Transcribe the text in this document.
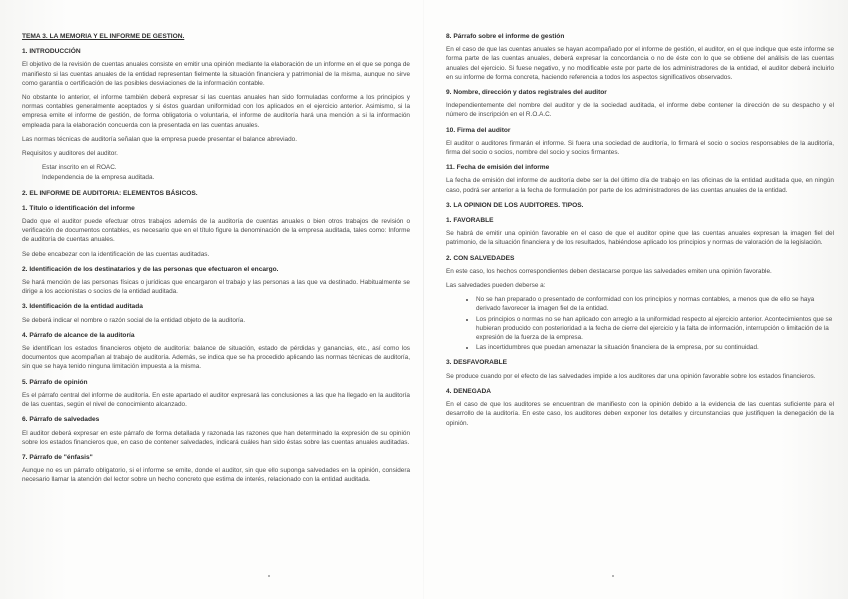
TEMA 3. LA MEMORIA Y EL INFORME DE GESTION.
1. INTRODUCCIÓN

El objetivo de la revisión de cuentas anuales consiste en emitir una opinión mediante la elaboración de un informe en el que se ponga de manifiesto si las cuentas anuales de la entidad representan fielmente la situación financiera y patrimonial de la misma, aunque no sirve como garantía o certificación de las posibles desviaciones de la información contable.

No obstante lo anterior, el informe también deberá expresar si las cuentas anuales han sido formuladas conforme a los principios y normas contables generalmente aceptados y si éstos guardan uniformidad con los aplicados en el ejercicio anterior. Asimismo, si la empresa emite el informe de gestión, de forma obligatoria o voluntaria, el informe de auditoría hará una mención a si la información empleada para la elaboración concuerda con la presentada en las cuentas anuales.

Las normas técnicas de auditoría señalan que la empresa puede presentar el balance abreviado.

Requisitos y auditores del auditor.

Estar inscrito en el ROAC.
Independencia de la empresa auditada.
2. EL INFORME DE AUDITORIA: ELEMENTOS BÁSICOS.
1. Título o identificación del informe

Dado que el auditor puede efectuar otros trabajos además de la auditoría de cuentas anuales o bien otros trabajos de revisión o verificación de documentos contables, es necesario que en el título figure la denominación de la empresa auditada, tales como: Informe de auditoría de cuentas anuales.

Se debe encabezar con la identificación de las cuentas auditadas.

2. Identificación de los destinatarios y de las personas que efectuaron el encargo.

Se hará mención de las personas físicas o jurídicas que encargaron el trabajo y las personas a las que va destinado. Habitualmente se dirige a los accionistas o socios de la entidad auditada.

3. Identificación de la entidad auditada

Se deberá indicar el nombre o razón social de la entidad objeto de la auditoría.

4. Párrafo de alcance de la auditoría

Se identifican los estados financieros objeto de auditoría: balance de situación, estado de pérdidas y ganancias, etc., así como los documentos que acompañan al trabajo de auditoría. Además, se indica que se ha procedido aplicando las normas técnicas de auditoría, sin que se haya tenido ninguna limitación impuesta a la misma.

5. Párrafo de opinión

Es el párrafo central del informe de auditoría. En este apartado el auditor expresará las conclusiones a las que ha llegado en la auditoría de las cuentas, según el nivel de conocimiento alcanzado.

6. Párrafo de salvedades

El auditor deberá expresar en este párrafo de forma detallada y razonada las razones que han determinado la expresión de su opinión sobre los estados financieros que, en caso de contener salvedades, indicará cuáles han sido éstas sobre las cuentas anuales auditadas.

7. Párrafo de "énfasis"

Aunque no es un párrafo obligatorio, si el informe se emite, donde el auditor, sin que ello suponga salvedades en la opinión, considera necesario llamar la atención del lector sobre un hecho concreto que estima de interés, relacionado con la entidad auditada.

8. Párrafo sobre el informe de gestión

En el caso de que las cuentas anuales se hayan acompañado por el informe de gestión, el auditor, en el que indique que este informe se forma parte de las cuentas anuales, deberá expresar la concordancia o no de éste con lo que se obtiene del análisis de las cuentas anuales del ejercicio. Si fuese negativo, y no modificable este por parte de los administradores de la entidad, el auditor deberá incluirlo en su informe de forma concreta, haciendo referencia a todos los aspectos significativos observados.

9. Nombre, dirección y datos registrales del auditor

Independientemente del nombre del auditor y de la sociedad auditada, el informe debe contener la dirección de su despacho y el número de inscripción en el R.O.A.C.

10. Firma del auditor

El auditor o auditores firmarán el informe. Si fuera una sociedad de auditoría, lo firmará el socio o socios responsables de la auditoría, firma del socio o socios, nombre del socio y socios firmantes.

11. Fecha de emisión del informe

La fecha de emisión del informe de auditoría debe ser la del último día de trabajo en las oficinas de la entidad auditada que, en ningún caso, podrá ser anterior a la fecha de formulación por parte de los administradores de las cuentas anuales de la entidad.

3. LA OPINION DE LOS AUDITORES. TIPOS.
1. FAVORABLE

Se habrá de emitir una opinión favorable en el caso de que el auditor opine que las cuentas anuales expresan la imagen fiel del patrimonio, de la situación financiera y de los resultados, habiéndose aplicado los principios y normas de valoración de la legislación.

2. CON SALVEDADES

En este caso, los hechos correspondientes deben destacarse porque las salvedades emiten una opinión favorable.

Las salvedades pueden deberse a:

• No se han preparado o presentado de conformidad con los principios y normas contables, a menos que de ello se haya derivado favorecer la imagen fiel de la entidad.
• Los principios o normas no se han aplicado con arreglo a la uniformidad respecto al ejercicio anterior. Acontecimientos que se hubieran producido con posterioridad a la fecha de cierre del ejercicio y la falta de información, interrupción o limitación de la expresión de la fuerza de la empresa.
• Las incertidumbres que puedan amenazar la situación financiera de la empresa, por su continuidad.
3. DESFAVORABLE

Se produce cuando por el efecto de las salvedades impide a los auditores dar una opinión favorable sobre los estados financieros.

4. DENEGADA

En el caso de que los auditores se encuentran de manifiesto con la opinión debido a la evidencia de las cuentas suficiente para el desarrollo de la auditoría. En este caso, los auditores deben exponer los detalles y circunstancias que justifiquen la denegación de la opinión.
